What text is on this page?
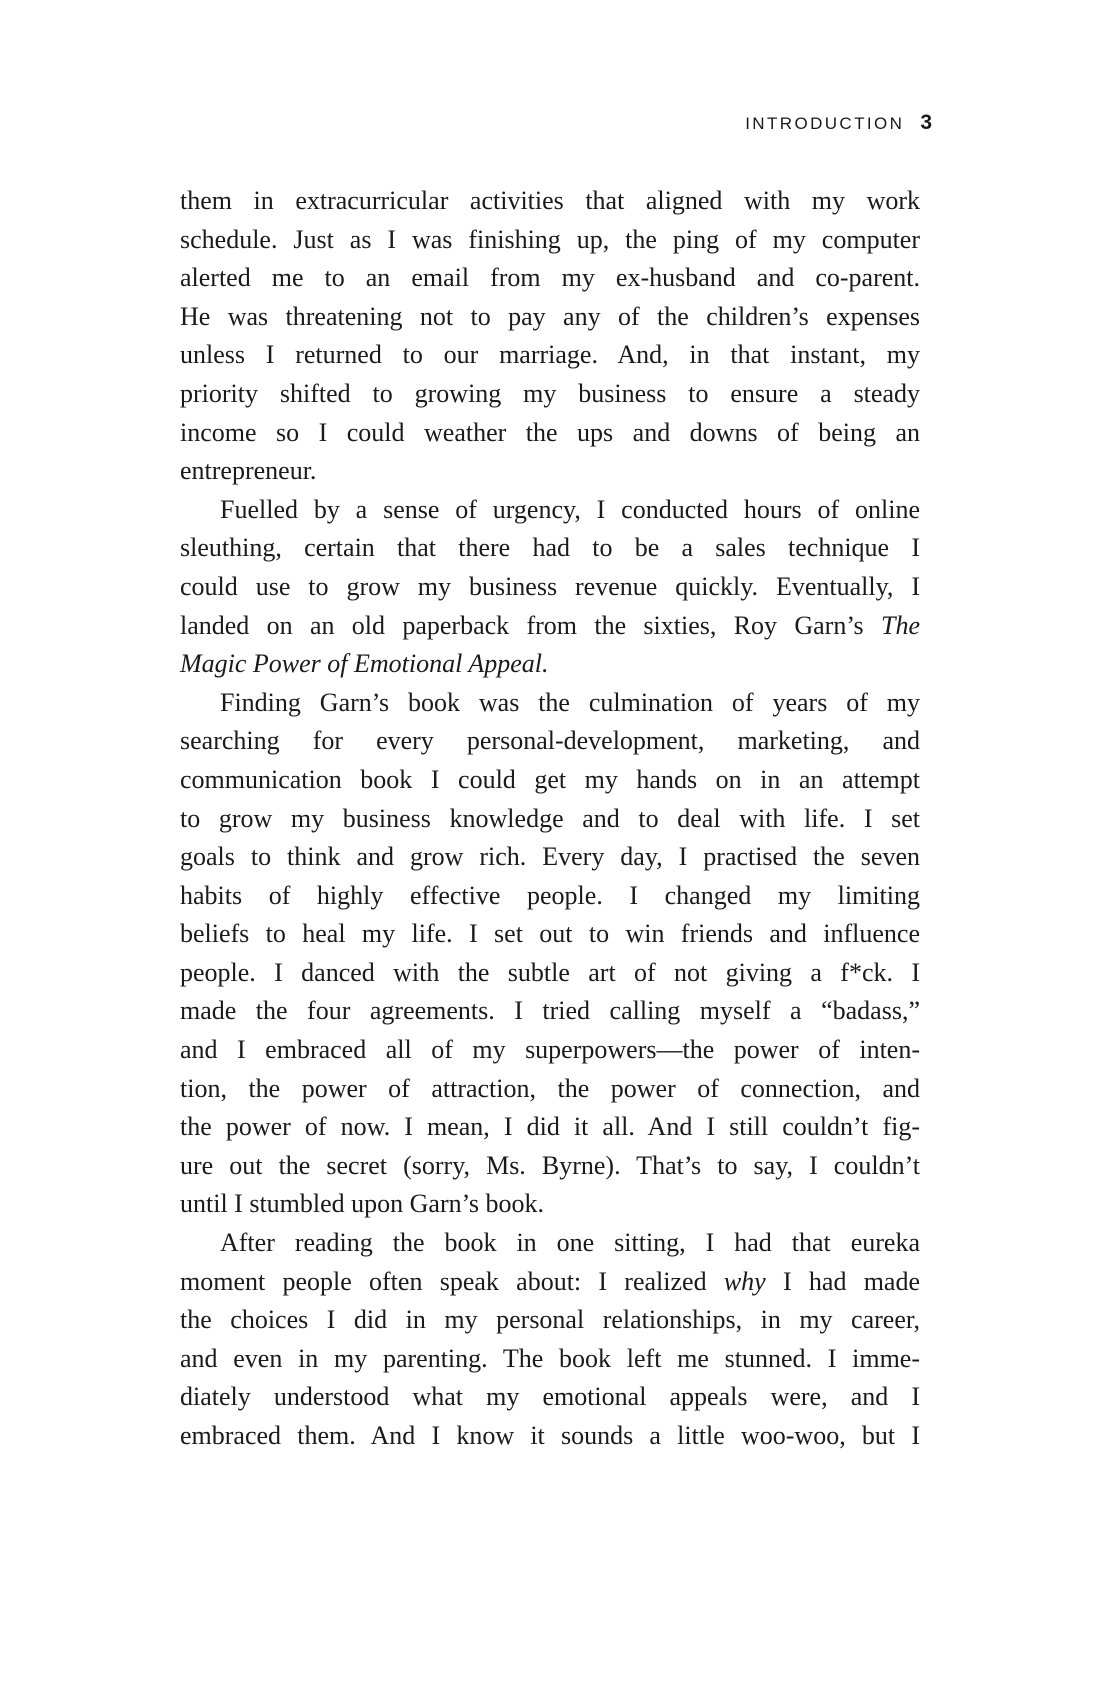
INTRODUCTION 3
them in extracurricular activities that aligned with my work
schedule. Just as I was finishing up, the ping of my computer
alerted me to an email from my ex-husband and co-parent.
He was threatening not to pay any of the children’s expenses
unless I returned to our marriage. And, in that instant, my
priority shifted to growing my business to ensure a steady
income so I could weather the ups and downs of being an
entrepreneur.
Fuelled by a sense of urgency, I conducted hours of online
sleuthing, certain that there had to be a sales technique I
could use to grow my business revenue quickly. Eventually, I
landed on an old paperback from the sixties, Roy Garn’s The
Magic Power of Emotional Appeal.
Finding Garn’s book was the culmination of years of my
searching for every personal-development, marketing, and
communication book I could get my hands on in an attempt
to grow my business knowledge and to deal with life. I set
goals to think and grow rich. Every day, I practised the seven
habits of highly effective people. I changed my limiting
beliefs to heal my life. I set out to win friends and influence
people. I danced with the subtle art of not giving a f*ck. I
made the four agreements. I tried calling myself a “badass,”
and I embraced all of my superpowers—the power of inten-
tion, the power of attraction, the power of connection, and
the power of now. I mean, I did it all. And I still couldn’t fig-
ure out the secret (sorry, Ms. Byrne). That’s to say, I couldn’t
until I stumbled upon Garn’s book.
After reading the book in one sitting, I had that eureka
moment people often speak about: I realized why I had made
the choices I did in my personal relationships, in my career,
and even in my parenting. The book left me stunned. I imme-
diately understood what my emotional appeals were, and I
embraced them. And I know it sounds a little woo-woo, but I
